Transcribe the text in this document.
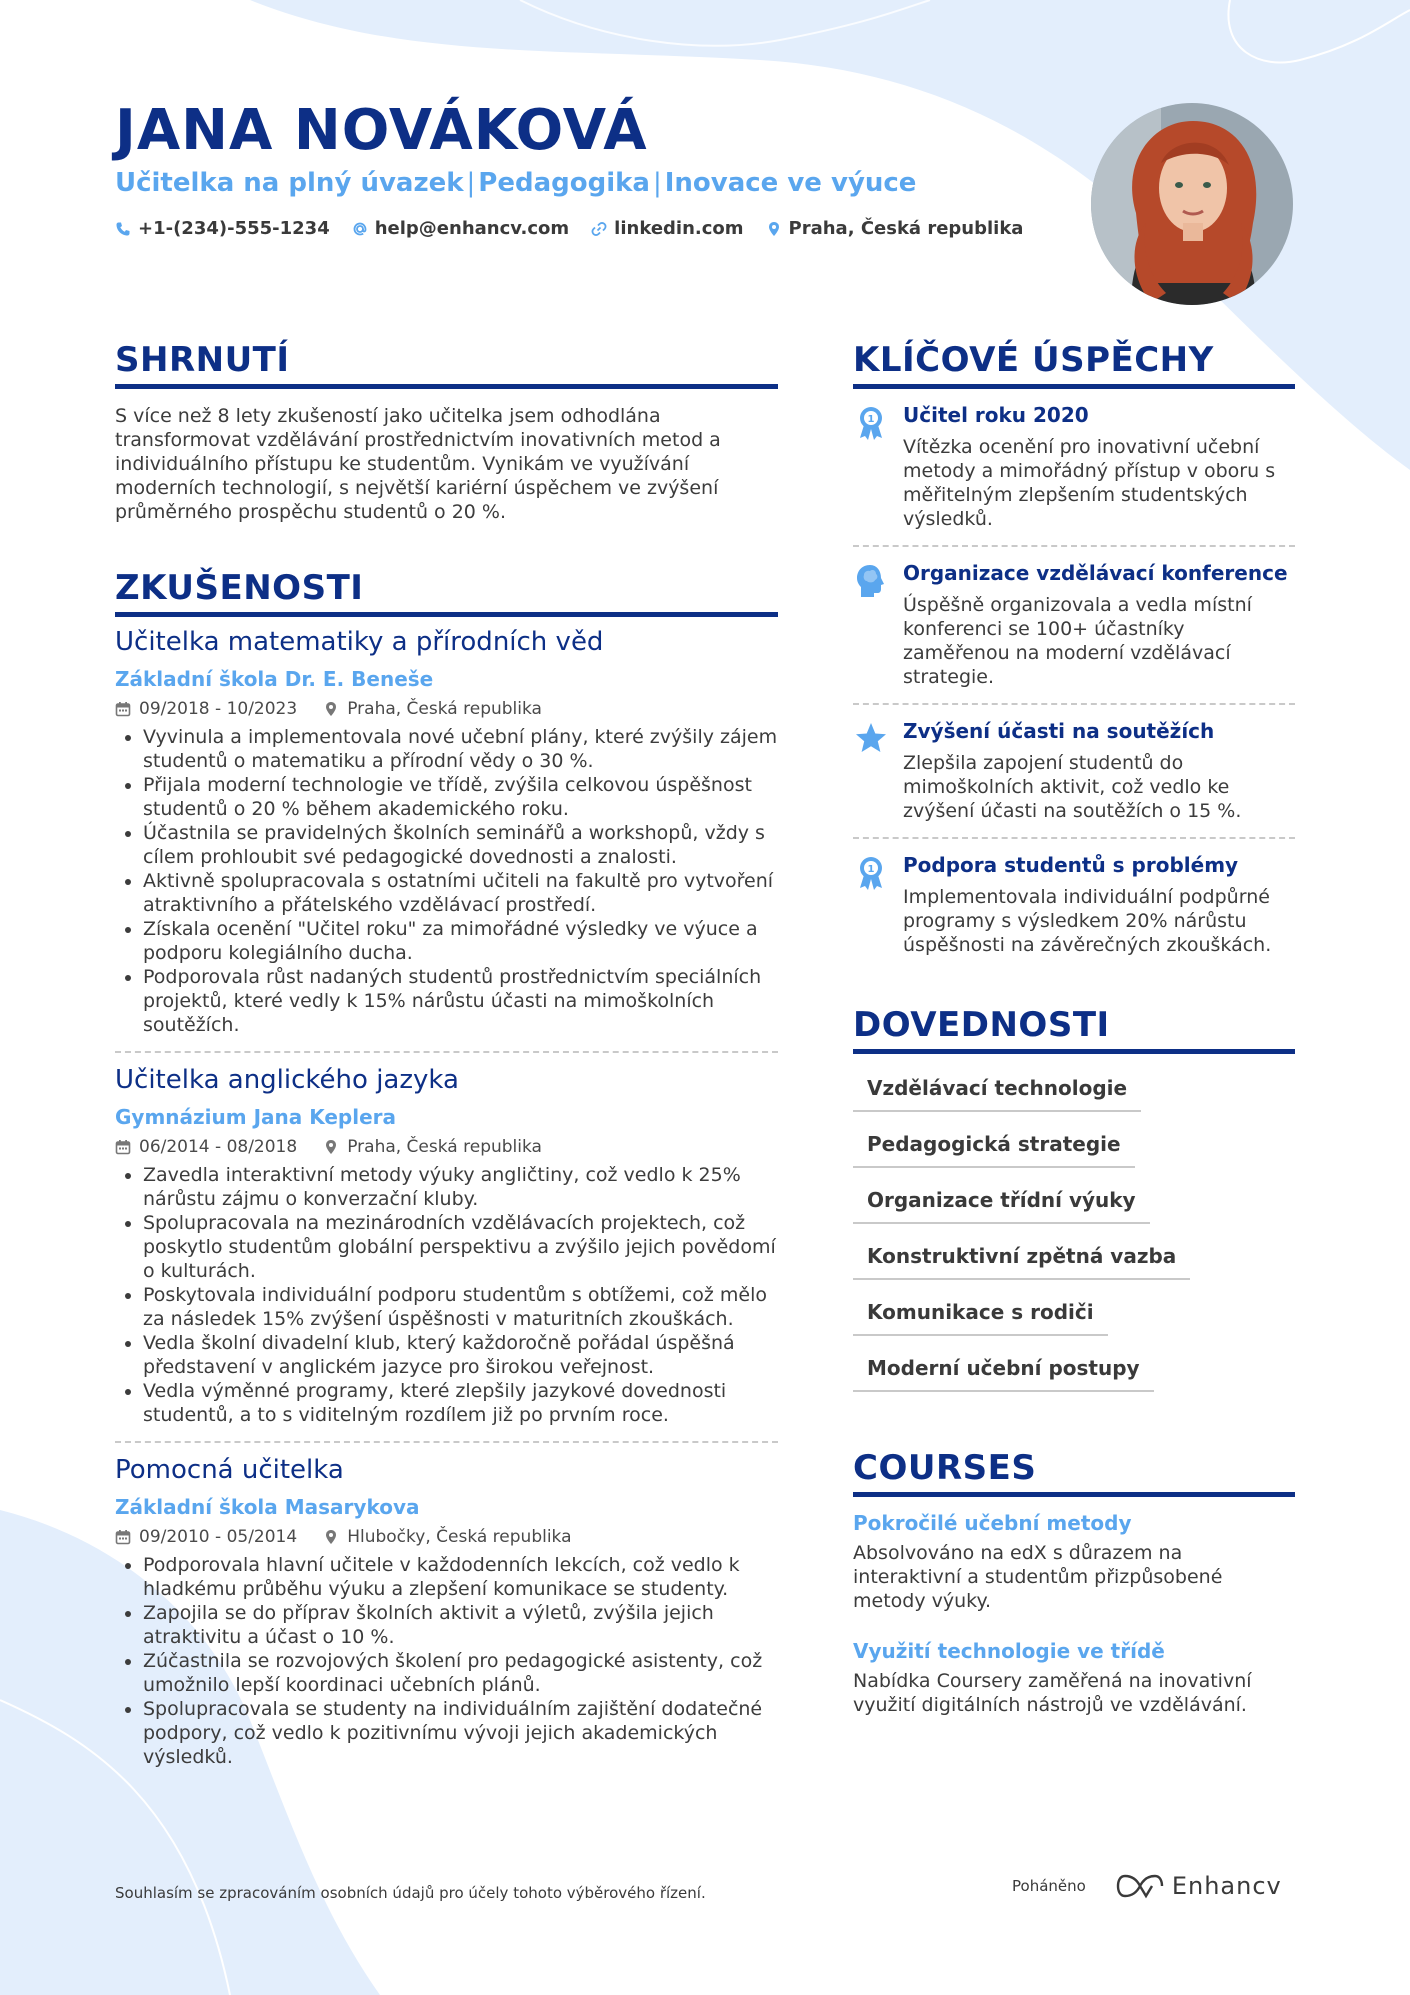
JANA NOVÁKOVÁ
Učitelka na plný úvazek | Pedagogika | Inovace ve výuce
+1-(234)-555-1234	help@enhancv.com	linkedin.com	Praha, Česká republika
SHRNUTÍ
S více než 8 lety zkušeností jako učitelka jsem odhodlána transformovat vzdělávání prostřednictvím inovativních metod a individuálního přístupu ke studentům. Vynikám ve využívání moderních technologií, s největší kariérní úspěchem ve zvýšení průměrného prospěchu studentů o 20 %.
ZKUŠENOSTI
Učitelka matematiky a přírodních věd
Základní škola Dr. E. Beneše
09/2018 - 10/2023	Praha, Česká republika
• Vyvinula a implementovala nové učební plány, které zvýšily zájem studentů o matematiku a přírodní vědy o 30 %.
• Přijala moderní technologie ve třídě, zvýšila celkovou úspěšnost studentů o 20 % během akademického roku.
• Účastnila se pravidelných školních seminářů a workshopů, vždy s cílem prohloubit své pedagogické dovednosti a znalosti.
• Aktivně spolupracovala s ostatními učiteli na fakultě pro vytvoření atraktivního a přátelského vzdělávací prostředí.
• Získala ocenění "Učitel roku" za mimořádné výsledky ve výuce a podporu kolegiálního ducha.
• Podporovala růst nadaných studentů prostřednictvím speciálních projektů, které vedly k 15% nárůstu účasti na mimoškolních soutěžích.
Učitelka anglického jazyka
Gymnázium Jana Keplera
06/2014 - 08/2018	Praha, Česká republika
• Zavedla interaktivní metody výuky angličtiny, což vedlo k 25% nárůstu zájmu o konverzační kluby.
• Spolupracovala na mezinárodních vzdělávacích projektech, což poskytlo studentům globální perspektivu a zvýšilo jejich povědomí o kulturách.
• Poskytovala individuální podporu studentům s obtížemi, což mělo za následek 15% zvýšení úspěšnosti v maturitních zkouškách.
• Vedla školní divadelní klub, který každoročně pořádal úspěšná představení v anglickém jazyce pro širokou veřejnost.
• Vedla výměnné programy, které zlepšily jazykové dovednosti studentů, a to s viditelným rozdílem již po prvním roce.
Pomocná učitelka
Základní škola Masarykova
09/2010 - 05/2014	Hlubočky, Česká republika
• Podporovala hlavní učitele v každodenních lekcích, což vedlo k hladkému průběhu výuku a zlepšení komunikace se studenty.
• Zapojila se do příprav školních aktivit a výletů, zvýšila jejich atraktivitu a účast o 10 %.
• Zúčastnila se rozvojových školení pro pedagogické asistenty, což umožnilo lepší koordinaci učebních plánů.
• Spolupracovala se studenty na individuálním zajištění dodatečné podpory, což vedlo k pozitivnímu vývoji jejich akademických výsledků.
KLÍČOVÉ ÚSPĚCHY
1 Učitel roku 2020
Vítězka ocenění pro inovativní učební metody a mimořádný přístup v oboru s měřitelným zlepšením studentských výsledků.
Organizace vzdělávací konference
Úspěšně organizovala a vedla místní konferenci se 100+ účastníky zaměřenou na moderní vzdělávací strategie.
Zvýšení účasti na soutěžích
Zlepšila zapojení studentů do mimoškolních aktivit, což vedlo ke zvýšení účasti na soutěžích o 15 %.
1 Podpora studentů s problémy
Implementovala individuální podpůrné programy s výsledkem 20% nárůstu úspěšnosti na závěrečných zkouškách.
DOVEDNOSTI
Vzdělávací technologie
Pedagogická strategie
Organizace třídní výuky
Konstruktivní zpětná vazba
Komunikace s rodiči
Moderní učební postupy
COURSES
Pokročilé učební metody
Absolvováno na edX s důrazem na interaktivní a studentům přizpůsobené metody výuky.
Využití technologie ve třídě
Nabídka Coursery zaměřená na inovativní využití digitálních nástrojů ve vzdělávání.
Souhlasím se zpracováním osobních údajů pro účely tohoto výběrového řízení.	Poháněno	Enhancv
